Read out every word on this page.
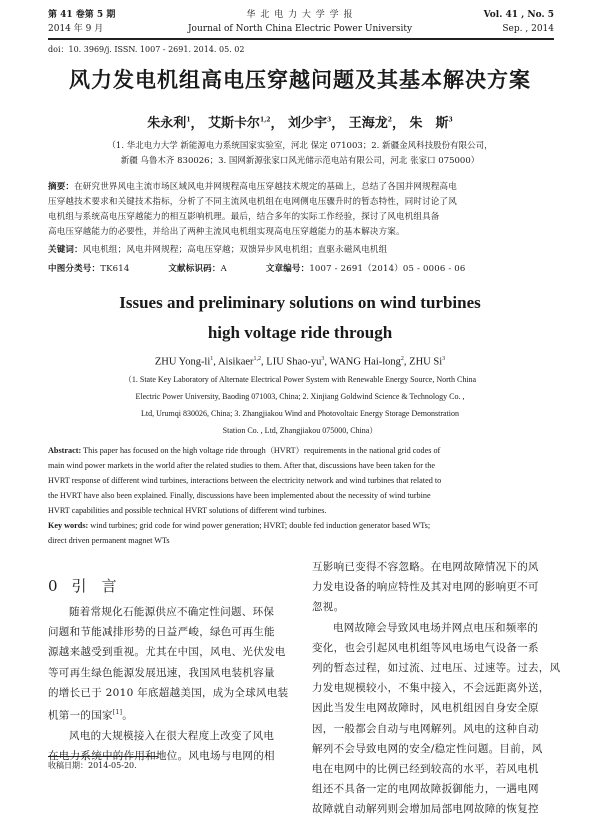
第 41 卷第 5 期
2014 年 9 月
华 北 电 力 大 学 学 报
Journal of North China Electric Power University
Vol. 41 , No. 5
Sep. , 2014
doi：10. 3969/j. ISSN. 1007 - 2691. 2014. 05. 02
风力发电机组高电压穿越问题及其基本解决方案
朱永利$^1$， 艾斯卡尔$^{1,2}$， 刘少宇$^3$， 王海龙$^2$， 朱　斯$^3$
（1. 华北电力大学 新能源电力系统国家实验室，河北 保定 071003；2. 新疆金风科技股份有限公司，
新疆 乌鲁木齐 830026；3. 国网新源张家口风光储示范电站有限公司，河北 张家口 075000）
摘要：在研究世界风电主流市场区域风电并网规程高电压穿越技术规定的基础上，总结了各国并网规程高电
压穿越技术要求和关键技术指标，分析了不同主流风电机组在电网侧电压骤升时的暂态特性，同时讨论了风
电机组与系统高电压穿越能力的相互影响机理。最后，结合多年的实际工作经验，探讨了风电机组具备
高电压穿越能力的必要性，并给出了两种主流风电机组实现高电压穿越能力的基本解决方案。
关键词：风电机组；风电并网规程；高电压穿越；双馈异步风电机组；直驱永磁风电机组
中图分类号：TK614	文献标识码：A	文章编号：1007 - 2691（2014）05 - 0006 - 06
Issues and preliminary solutions on wind turbines
high voltage ride through
ZHU Yong-$li^1$, Aisikaer$^{1,2}$, LIU Shao-$yu^3$, WANG Hai-long$^2$, ZHU Si$^3$
（1. State Key Laboratory of Alternate Electrical Power System with Renewable Energy Source, North China
Electric Power University, Baoding 071003, China; 2. Xinjiang Goldwind Science & Technology Co. ,
Ltd, Urumqi 830026, China; 3. Zhangjiakou Wind and Photovoltaic Energy Storage Demonstration
Station Co. , Ltd, Zhangjiakou 075000, China）
Abstract: This paper has focused on the high voltage ride through（HVRT）requirements in the national grid codes of
main wind power markets in the world after the related studies to them. After that, discussions have been taken for the
HVRT response of different wind turbines, interactions between the electricity network and wind turbines that related to
the HVRT have also been explained. Finally, discussions have been implemented about the necessity of wind turbine
HVRT capabilities and possible technical HVRT solutions of different wind turbines.
Key words: wind turbines; grid code for wind power generation; HVRT; double fed induction generator based WTs;
direct driven permanent magnet WTs
0 引　言
随着常规化石能源供应不确定性问题、环保
问题和节能减排形势的日益严峻，绿色可再生能
源越来越受到重视。尤其在中国，风电、光伏发电
等可再生绿色能源发展迅速，我国风电装机容量
的增长已于 2010 年底超越美国，成为全球风电装
机第一的国家[1]。
风电的大规模接入在很大程度上改变了风电
在电力系统中的作用和地位。风电场与电网的相
互影响已变得不容忽略。在电网故障情况下的风
力发电设备的响应特性及其对电网的影响更不可
忽视。
电网故障会导致风电场并网点电压和频率的
变化，也会引起风电机组等风电场电气设备一系
列的暂态过程，如过流、过电压、过速等。过去，风
力发电规模较小，不集中接入，不会远距离外送，
因此当发生电网故障时，风电机组因自身安全原
因，一般都会自动与电网解列。风电的这种自动
解列不会导致电网的安全/稳定性问题。目前，风
电在电网中的比例已经到较高的水平，若风电机
组还不具备一定的电网故障扳御能力，一遇电网
故障就自动解列则会增加局部电网故障的恢复控
收稿日期：2014-05-20.
